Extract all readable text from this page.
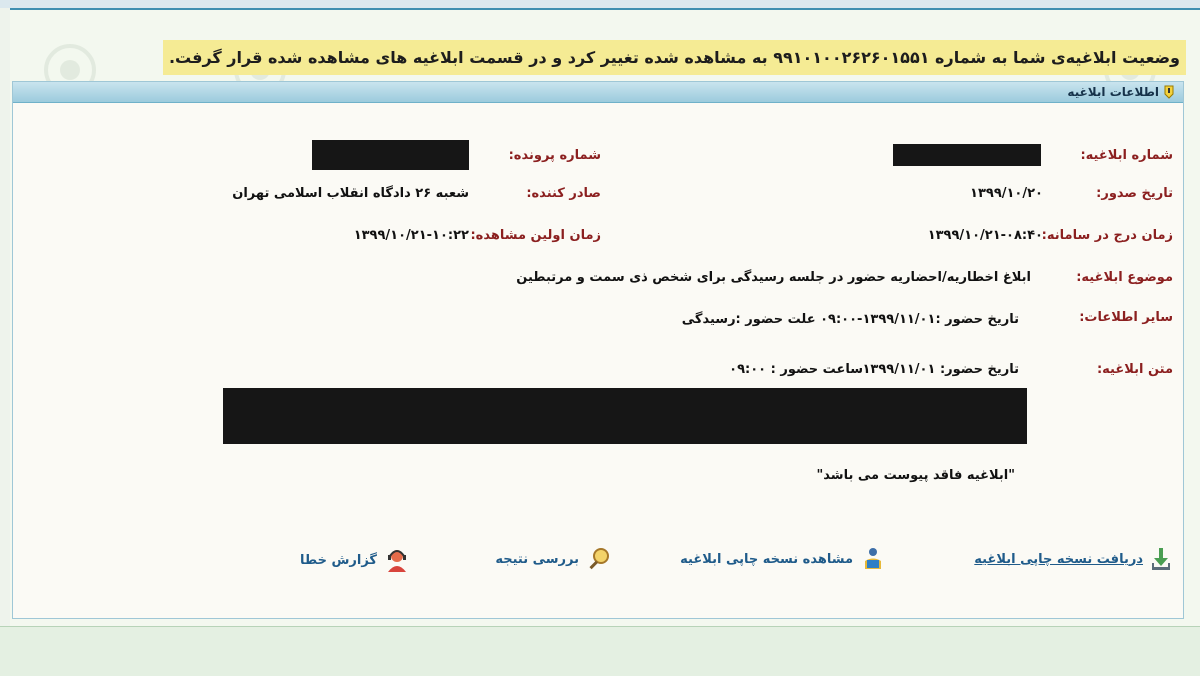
وضعیت ابلاغیه‌ی شما به شماره ۹۹۱۰۱۰۰۲۶۲۶۰۱۵۵۱ به مشاهده شده تغییر کرد و در قسمت ابلاغیه های مشاهده شده قرار گرفت.
اطلاعات ابلاغیه
شماره ابلاغیه:
شماره پرونده:
تاریخ صدور:
۱۳۹۹/۱۰/۲۰
صادر کننده:
شعبه ۲۶ دادگاه انقلاب اسلامی تهران
زمان درج در سامانه:
۱۳۹۹/۱۰/۲۱-۰۸:۴۰
زمان اولین مشاهده:
۱۳۹۹/۱۰/۲۱-۱۰:۲۲
موضوع ابلاغیه:
ابلاغ اخطاریه/احضاریه حضور در جلسه رسیدگی برای شخص ذی سمت و مرتبطین
سایر اطلاعات:
تاریخ حضور :۱۳۹۹/۱۱/۰۱-۰۹:۰۰ علت حضور :رسیدگی
متن ابلاغیه:
تاریخ حضور: ۱۳۹۹/۱۱/۰۱
ساعت حضور : ۰۹:۰۰
"ابلاغیه فاقد پیوست می باشد"
دریافت نسخه چاپی ابلاغیه
مشاهده نسخه چاپی ابلاغیه
بررسی نتیجه
گزارش خطا
